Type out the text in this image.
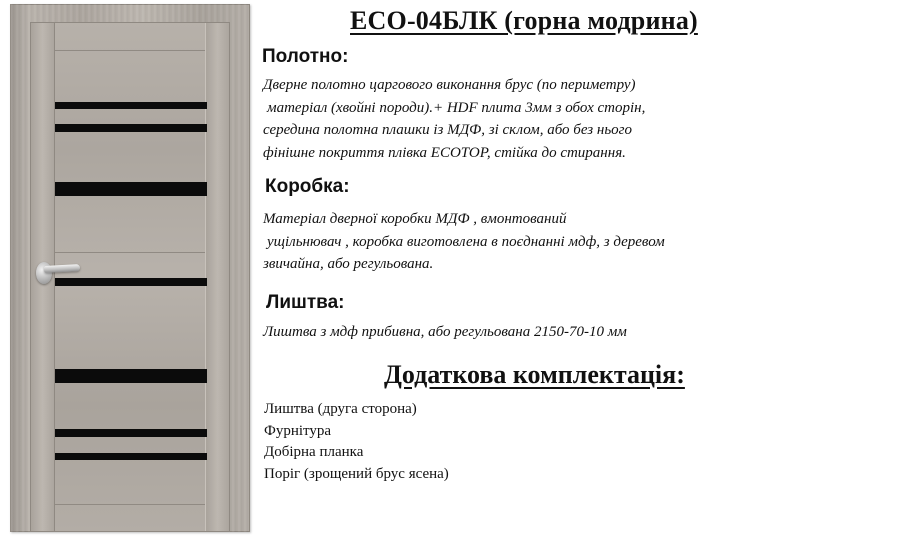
ЕСО-04БЛК (горна модрина)
Полотно:
Дверне полотно царгового виконання брус (по периметру)
матеріал (хвойні породи).+ HDF плита 3мм з обох сторін,
середина полотна плашки із МДФ, зі склом, або без нього
фінішне покриття плівка ECOTOP, стійка до стирання.
Коробка:
Матеріал дверної коробки МДФ , вмонтований
ущільнювач , коробка виготовлена в поєднанні мдф, з деревом
звичайна, або регульована.
Лиштва:
Лиштва з мдф прибивна, або регульована 2150-70-10 мм
Додаткова комплектація:
Лиштва (друга сторона)
Фурнітура
Добірна планка
Поріг (зрощений брус ясена)
